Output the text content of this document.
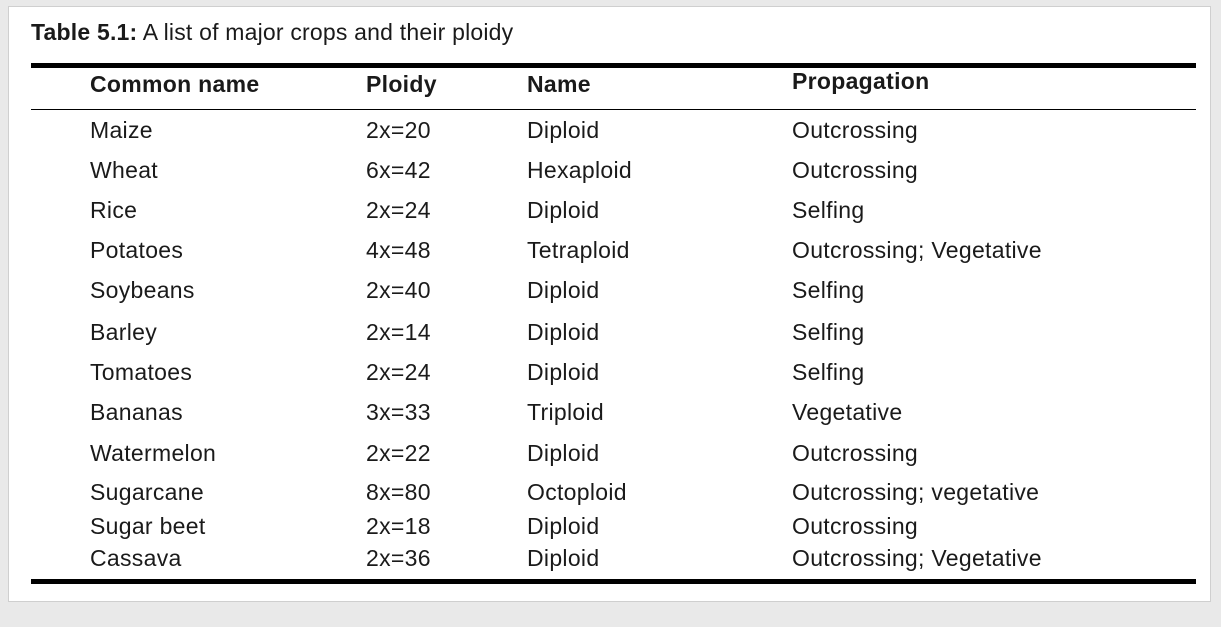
Table 5.1: A list of major crops and their ploidy
Common name	Ploidy	Name	Propagation
Maize	2x=20	Diploid	Outcrossing
Wheat	6x=42	Hexaploid	Outcrossing
Rice	2x=24	Diploid	Selfing
Potatoes	4x=48	Tetraploid	Outcrossing; Vegetative
Soybeans	2x=40	Diploid	Selfing
Barley	2x=14	Diploid	Selfing
Tomatoes	2x=24	Diploid	Selfing
Bananas	3x=33	Triploid	Vegetative
Watermelon	2x=22	Diploid	Outcrossing
Sugarcane	8x=80	Octoploid	Outcrossing; vegetative
Sugar beet	2x=18	Diploid	Outcrossing
Cassava	2x=36	Diploid	Outcrossing; Vegetative
